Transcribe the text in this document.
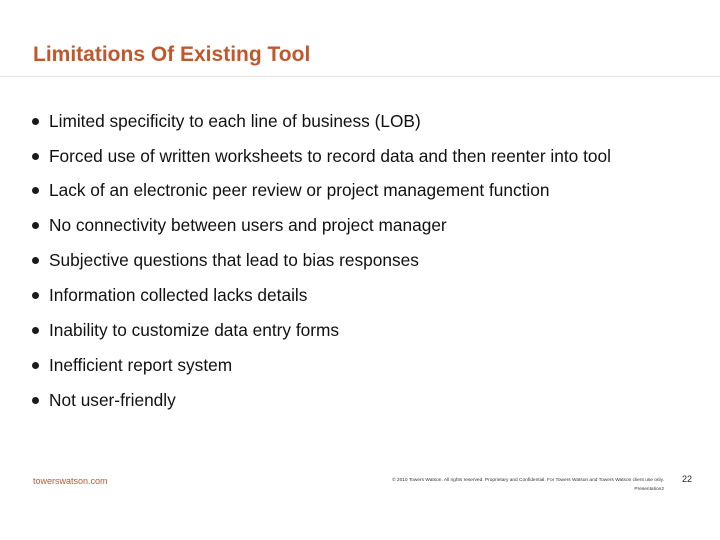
Limitations Of Existing Tool
Limited specificity to each line of business (LOB)
Forced use of written worksheets to record data and then reenter into tool
Lack of an electronic peer review or project management function
No connectivity between users and project manager
Subjective questions that lead to bias responses
Information collected lacks details
Inability to customize data entry forms
Inefficient report system
Not user-friendly
towerswatson.com	© 2010 Towers Watson. All rights reserved. Proprietary and Confidential. For Towers Watson and Towers Watson client use only.
Presentation2
22
